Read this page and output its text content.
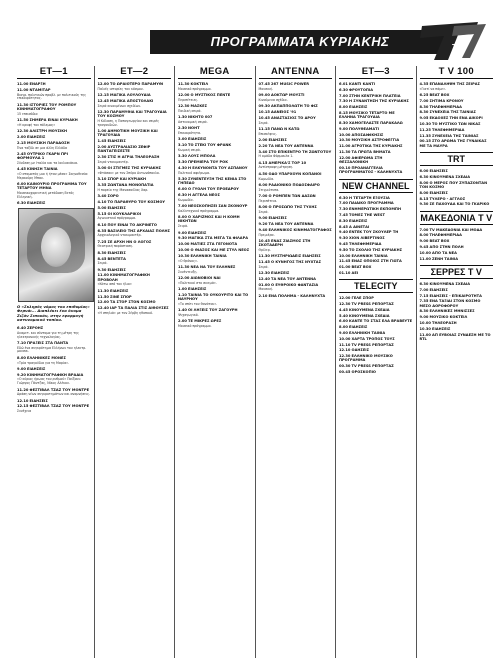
ΠΡΟΓΡΑΜΜΑΤΑ ΚΥΡΙΑΚΗΣ	TV
ET—1
11.00 ΕΝΑΡΞΗ
11.00 ΝΤΑΜΙΤΑΡ
Βιογρ. πολιτικών προβλ. με πολιτικούς της επικαιρότητας.
11.30 ΙΣΤΟΡΙΕΣ ΤΟΥ ΡΟΜΠΟΥ ΚΙΝΗΜΑΤΟΓΡΑΦΟΥ
15 επεισόδια
11.50 ΣΗΜΕΡΑ ΕΙΝΑΙ ΚΥΡΙΑΚΗ
«Η κρυφή του πόλεμος»
12.30 ΑΛΙΣΤΡΗ ΜΟΥΣΙΚΗ
2.00 ΕΙΔΗΣΕΙΣ
2.15 ΜΟΥΣΙΚΗ ΠΑΡΑΔΟΣΗ
Ένα ταξίδι σε μια άλλη Ελλάδα
2.45 ΟΥΤΡΙΚΟ ΓΚΑΡΝ ΠΡΙ ΦΟΡΜΟΥΛΑ 1
Σύνδεση με Ιταλία και τα Ιουλιανάκια.
4.45 ΚΙΝΗΣΗ ΤΑΙΝΙΑ
«Ο σταματάς μια ή ήταν μέσα» Σκηνοθεσία: Μερκούρη Μπαν.
6.00 ΚΑΙΝΟΥΡΙΟ ΠΡΟΓΡΑΜΜΑ ΤΟΥ ΤΕΤΑΡΤΟΥ ΜΗΝΑ
Μουσικοχορευτική μετάδοση Εκτός Ελληνική.
6.30 ΕΙΔΗΣΕΙΣ
Ο «Σκληρός νόμος του επιθυμίας» Φερνάι... Διαπλέκει ένα όνομα Ζιζάν Σιπουάν, στην εφαρμογή αστυνομικού τοπίου.
6.40 ΖΕΡΟΗΣ
Αναμετ. και σύντομα για τη μέτρη της ηλεκτρονικής τεχνολογίας.
7.10 ΠΡΑΞΕΙΣ ΣΤΑ ΠΑΝΤΑ
Εδώ ένα συγκρότημα Ελλήνων του ηλεκτρ. μουσικ.
8.00 ΕΛΛΗΝΙΚΕΣ ΜΟΝΕΣ
«Τρία τραγούδια για τη Μαρία».
9.00 ΕΙΔΗΣΕΙΣ
9.20 ΚΙΝΗΜΑΤΟΓΡΑΦΙΚΗ ΒΡΑΔΙΑ
«Ο κύριος ήρωας του ρυθμού» Παίζουν: Γιώργος Πάντζας, Νίκος Αλέκου.
11.20 ΦΕΣΤΙΒΑΛ ΤΖΑΖ ΤΟΥ ΜΟΝΤΡΕ
Δράση νέων συγκροτημάτων και αναμνήσεις.
12.10 ΕΙΔΗΣΕΙΣ
12.15 ΦΕΣΤΙΒΑΛ ΤΖΑΖ ΤΟΥ ΜΟΝΤΡΕ
Συνέχεια
ET—2
12.00 ΤΟ ΩΡΑΙΟΤΕΡΟ ΠΑΡΑΜΥΘΙ
Παλιές ιστορίες του κόσμου.
12.15 ΜΑΓΙΚΑ ΛΟΥΛΟΥΔΙΑ
12.45 ΜΑΓΙΚΑ ΑΠΟΣΤΟΛΑΚΙ
Σειρά κινουμένων σχεδίων.
12.30 ΠΑΡΑΜΥΘΙΑ ΚΑΙ ΤΡΑΓΟΥΔΙΑ ΤΟΥ ΚΟΣΜΟΥ
Η Κόλαση, η Παπαγεωργίου και σειρές τραγουδιών.
1.00 ΔΗΜΟΤΙΚΗ ΜΟΥΣΙΚΗ ΚΑΙ ΤΡΑΓΟΥΔΙΑ
1.45 ΕΙΔΗΣΕΙΣ
2.00 ΑΥΣΤΡΑΛΙΑΣΙΟ ΖΕΦΙΡ ΠΑΝΤΑΓΕΙΣΕΣΤΕ
2.30 ΣΤΙΣ Η ΑΓΡΙΑ ΤΗΛΕΟΡΑΣΗ
Σειρά ντοκιμαντέρ.
3.00 ΟΙ ΣΤΙΓΜΕΣ ΤΗΣ ΚΥΡΙΑΚΗΣ
«Φτάσαν» με τον Σπύρο Αντωνόπουλο.
3.10 ΣΠΟΡ ΚΑΙ ΚΥΡΙΑΚΗ
3.35 ΖΩΝΤΑΝΑ ΜΟΝΟΠΑΤΙΑ
Η πορεία της Μανασούλας Χαρ.
3.40 ΣΟΡΟ
4.10 ΤΟ ΠΑΡΑΘΥΡΟ ΤΟΥ ΚΟΣΜΟΥ
5.00 ΕΙΔΗΣΕΙΣ
5.15 ΟΙ ΚΟΥΚΛΑΡΙΚΟΙ
Αγωνιστικό πρόγραμμα.
6.10 ΠΟΥ ΕΙΝΑΙ ΤΟ ΑΚΡΙΝΕΤΟ
6.35 ΒΑΣΙΛΕΙΟ ΤΗΣ ΑΡΧΑΙΑΣ ΠΟΛΗΣ
Αρχαιολογικό ντοκιμαντέρ.
7.25 ΣΕ ΑΡΧΗ ΗΝ Ο ΛΟΓΟΣ
Θεατρική παράσταση.
8.30 ΕΙΔΗΣΕΙΣ
8.45 ΒΕΝΤΕΤΑ
Σειρά.
9.30 ΕΙΔΗΣΕΙΣ
11.00 ΚΙΝΗΜΑΤΟΓΡΑΦΙΚΗ ΠΡΟΒΟΛΗ
«Κάτω από τον ήλιο»
11.30 ΕΙΔΗΣΕΙΣ
11.50 ΣΙΝΕ ΣΠΟΡ
12.00 ΤΑ ΣΤΟΡ ΣΤΟΝ ΚΟΣΜΟ
12.40 ΙΑΡ ΤΑ ΠΑΛΙΑ ΣΤΙΣ ΑΙΘΟΥΣΕΣ
«Η σπηλιά» με τον Σέρβη ηθοποιό.
MEGA
11.30 ΚΟΚΤΕΙΛ
Μουσικό πρόγραμμα.
12.00 Ο ΜΥΣΤΙΚΟΣ ΠΕΝΤΕ
Περιπέτειες.
12.30 ΜΑΣΚΕΣ
Παιδική σειρά.
1.30 ΝΙΚΗΤΟ 007
Αστυνομική σειρά.
2.30 ΝΟΗΤ
Επικαιρότητα.
3.00 ΕΙΔΗΣΕΙΣ
3.10 ΤΟ ΣΤΕΚΙ ΤΟΥ ΦΡΑΝΚ
Κωμική σειρά.
3.30 ΛΟΥΣ ΜΠΟΛΑ
3.30 ΠΡΕΜΙΕΡΑ ΤΟΥ ΡΟΚ
4.30 Η ΕΛΚΥΝΟΝΤΑ ΤΟΥ ΑΣΠΑΝΟΥ
Πολιτικό αφιέρωμα.
5.30 ΣΥΝΕΝΤΕΥΞΗ ΤΗΣ ΚΕΝΙΑ ΣΤΟ ΓΗΠΕΔΟ
6.00 Ο ΓΥΟΛΗ ΤΟΥ ΠΡΟΕΔΡΟΥ
6.30 Η ΑΓΓΕΛΑ ΝΕΟΣ
Κωμωδία.
7.00 ΝΕΟΣΚΟΠΗΣΕΙ ΣΑΝ ΣΚΟΝΟΥΡ
Καλλιτεχνικό πρόγραμμα.
8.00 Ο ΧΑΡΙΖΜΟΣ ΚΑΙ Η ΚΟΜΗ ΝΙΚΗΤΩΝ
Σειρά.
9.00 ΕΙΔΗΣΕΙΣ
9.30 ΜΑΓΙΚΑ ΣΤΑ ΜΕΓΑ ΤΑ ΦΙΛΑΡΑ
10.00 ΜΑΤΙΕΣ ΣΤΑ ΓΕΓΟΝΟΤΑ
10.00 Ο ΘΙΑΣΟΣ ΚΑΙ ΜΕ ΣΤΥΛ ΝΕΟΣ
10.30 ΕΛΛΗΝΙΚΗ ΤΑΙΝΙΑ
«Ο θρόνος».
11.30 ΝΕΑ ΝΑ ΤΟΥ ΕΛΛΗΝΕΣ
Συνέντευξη.
12.00 ΑΙΩΝΟΒΙΟΙ ΝΑΙ
«Πολιτικοί στο σινεμά».
1.00 ΕΙΔΗΣΕΙΣ
1.10 ΤΑΙΝΙΑ ΤΟ ΟΥΚΟΥΡΙΤΟ ΚΑΙ ΤΟ ΝΑΥΡΗΟΥ
«Το σπίτι του θανάτου».
1.40 ΟΙ ΛΗΞΕΙΣ ΤΟΥ ΖΑΓΟΥΡΗ
Ψυχαγωγικό.
2.00 ΤΕ ΜΙΚΡΕΣ ΩΡΕΣ
Μουσικό πρόγραμμα.
ANTENNA
07.45 267 MUSIC POWER
Μουσική.
09.00 ΔΟΚΤΩΡ ΜΟΥΣΤΙ
Κινούμενα σχέδια.
09.30 ΑΚΠΑΠΠΟΛΩΤΗ ΤΟ ΦΙΖ
10.15 ΔΑΝΕΙΟΣ '91
10.45 ΑΝΑΣΤΑΣΙΟΣ ΤΟ ΔΡΟΥ
Σειρά.
11.15 ΠΑΝΩ Ν ΚΑΤΩ
Επισκέψεις.
2.00 ΕΙΔΗΣΕΙΣ
2.20 ΤΑ ΝΕΑ ΤΟΥ ΑΝΤΕΝΝΑ
3.40 ΣΤΟ ΕΠΙΚΕΝΤΡΟ ΤΗ ΖΩΝΤΟΤΟΥ
Η ομάδα Φόρμουλα 1.
4.15 ΑΜΕΡΙΚΑ'Σ ΤΟΡ 10
Αντίστροφη μέτρηση.
4.50 ΟΔΟ ΥΠΑΡΧΟΥΝ ΚΟΠΑΝΟΙ
Κωμωδία.
6.00 ΡΑΔΙΟΝΙΚΟ ΠΟΔΟΣΦΑΙΡΟ
Στιγμιότυπα.
7.00 Ο ΡΟΜΠΕΝ ΤΩΝ ΔΑΣΩΝ
Περιπέτεια.
8.00 Ο ΠΡΟΣΩΠΟ ΤΗΣ ΤΥΧΗΣ
Σειρά.
9.00 ΕΙΔΗΣΕΙΣ
9.20 ΤΑ ΝΕΑ ΤΟΥ ΑΝΤΕΝΝΑ
9.40 ΕΛΛΗΝΙΚΟΣ ΚΙΝΗΜΑΤΟΓΡΑΦΟΣ
Πρεμιέρα.
10.45 ΕΝΑΣ ΖΙΑΣΜΟΣ ΣΤΗ ΣΚΟΤΑΔΕΡΗ
Θρίλερ.
11.30 ΜΥΣΤΗΡΙΩΔΕΙΣ ΕΙΔΗΣΕΙΣ
11.45 Ο ΚΥΝΗΓΟΣ ΤΗΣ ΝΥΧΤΑΣ
Σειρά.
12.30 ΕΙΔΗΣΕΙΣ
12.40 ΤΑ ΝΕΑ ΤΟΥ ΑΝΤΕΝΝΑ
01.00 Ο ΕΥΘΡΟΙΚΟ ΦΑΝΤΑΣΙΑ
Μουσική.
2.10 ΕΝΑ ΠΟΛΗΜΑ - ΚΑΛΗΝΥΧΤΑ
ET—3
6.01 ΚΑΝΤΙ ΚΑΝΤΙ
6.30 ΦΡΟΥΤΟΠΙΑ
7.00 ΣΤΗΝ ΚΕΝΤΡΙΚΗ ΠΛΑΤΕΙΑ
7.30 Η ΣΥΝΑΝΤΗΣΗ ΤΗΣ ΚΥΡΙΑΚΗΣ
8.00 ΕΙΔΗΣΕΙΣ
8.15 ΜΟΥΣΙΚΟ ΤΕΤΑΡΤΟ ΜΕ ΕΛΛΗΝΑ ΤΡΑΓΟΥΔΙΑ
8.30 ΧΑΜΟΓΕΛΑΣΤΕ ΠΑΡΑΚΑΛΩ
9.00 ΠΟΛΥΘΕΑΜΑΤΙ
10.00 ΑΠΟΣΔΙΦΙΚΗΣΙΣ
10.30 ΜΟΥΣΙΚΗ ΑΣΤΡΟΦΕΓΓΙΑ
11.00 ΑΓΡΟΤΙΚΑ ΤΗΣ ΚΥΡΙΑΚΗΣ
11.30 ΤΑ ΠΡΩΤΑ ΒΗΜΑΤΑ
12.00 ΑΦΙΕΡΩΜΑ ΣΤΗ ΘΕΣΣΑΛΟΝΙΚΗ
00.10 ΠΡΟΑΝΑΓΓΕΛΙΑ ΠΡΟΓΡΑΜΜΑΤΟΣ - ΚΑΛΗΝΥΧΤΑ
NEW CHANNEL
6.30 Η ΤΕΤΑΡΤΗ ΕΞΟΥΣΙΑ
7.00 ΠΑΙΔΙΚΟ ΠΡΟΓΡΑΜΜΑ
7.30 ΕΝΗΜΕΡΩΤΙΚΗ ΕΚΠΟΜΠΗ
7.45 ΤΟΜΕΣ THE WEST
8.30 ΕΙΔΗΣΕΙΣ
8.45 Α ΔΙΝΕΤΑΙ
9.40 ΕΝΤΕΚ ΤΟΥ ΣΚΟΥΛΕΡ ΤΗ
9.30 ΧΙΟΝ ΛΙΒΕΡΤΙΝΟΣ
9.45 ΤΗΛΕΦΗΜΕΡΙΔΑ
9.50 ΤΟ ΣΧΟΛΙΟ ΤΗΣ ΚΥΡΙΑΚΗΣ
10.00 ΕΛΛΗΝΙΚΗ ΤΑΙΝΙΑ
11.45 ΕΝΑΣ ΟΠΟΙΟΣ ΣΤΗ ΓΙΩΤΑ
01.00 BEAT BOX
01.10 ΑΕΙ
TELECITY
12.00 ΓΕΛΕ ΣΠΟΡ
12.30 TV PRESS ΡΕΠΟΡΤΑΖ
4.45 ΚΙΝΟΥΜΕΝΑ ΣΧΕΔΙΑ
5.40 ΚΙΝΟΥΜΕΝΑ ΣΧΕΔΙΑ
6.00 ΚΑΝΤΕ ΤΟ ΣΤΑΣ ΕΛΑ ΒΡΑΒΕΥΤΕ
8.00 ΕΙΔΗΣΕΙΣ
9.00 ΕΛΛΗΝΙΚΗ ΤΑΙΝΙΑ
10.00 ΧΑΡΤΑ ΤΡΟΠΟΣ ΤΟΥΣ
11.10 TV PRESS ΡΕΠΟΡΤΑΖ
12.10 ΟΔΗΣΕΙΣ
12.30 ΕΛΛΗΝΙΚΟ ΜΟΥΣΙΚΟ ΠΡΟΓΡΑΜΜΑ
00.30 TV PRESS ΡΕΠΟΡΤΑΖ
00.45 ΟΡΟΣΚΟΠΙΟ
T V 100
4.35 ΕΠΑΝΑΛΗΨΗ ΤΗΣ ΣΕΙΡΑΣ
«Γιατί να πάμε».
6.25 BEAT BOX
7.00 ΣΗΤΙΜΑ ΚΡΟΝΟΥ
8.30 ΤΗΛΕΦΗΜΕΡΙΔΑ
8.30 ΣΥΝΕΧΕΙΑ ΤΗΣ ΤΑΙΝΙΑΣ
9.05 ΕΚΔΟΧΕΣ ΤΗΝ ΕΝΑ ΔΙΚΟΡΙ
10.30 ΤΟ ΜΥΣΤΙΚΟ ΤΩΝ ΝΙΚΑΣ
11.25 ΤΗΛΕΦΗΜΕΡΙΔΑ
11.35 ΣΥΝΕΧΕΙΑ ΤΗΣ ΤΑΙΝΙΑΣ
00.15 ΣΤΟ ΑΡΩΜΑ ΤΗΣ ΓΥΝΑΙΚΑΣ ΜΕ ΤΑ ΜΑΥΡΑ
TRT
6.00 ΕΙΔΗΣΕΙΣ
6.30 ΚΙΝΟΥΜΕΝΑ ΣΧΕΔΙΑ
8.00 Ο ΜΕΡΟΣ ΠΟΥ ΖΥΠΑΖΟΝΤΑΝ ΤΟΝ ΚΟΣΜΟ
8.00 ΕΙΔΗΣΕΙΣ
8.15 ΤΥΛΕΡΟ - ΑΓΓΛΟΣ
9.30 ΣΕ ΠΑΧΟΥΔΑ ΚΑΙ ΤΟ ΓΚΑΡΙΚΟ
ΜΑΚΕΔΟΝΙΑ T V
7.00 TV ΜΑΚΕΔΟΝΙΑ ΚΑΙ ΜΟΔΑ
8.00 ΤΗΛΕΦΗΜΕΡΙΔΑ
9.00 BEAT BOX
9.45 ΑΠΟ ΣΤΗΝ ΠΟΛΗ
10.00 ΑΠΟ ΤΑ ΝΕΑ
11.00 ΖΕΝΗ ΤΑΙΝΙΑ
ΣΕΡΡΕΣ T V
6.30 ΚΙΝΟΥΜΕΝΑ ΣΧΕΔΙΑ
7.00 ΕΙΔΗΣΕΙΣ
7.15 ΕΙΔΗΣΕΙΣ - ΕΠΙΚΑΙΡΟΤΗΤΑ
7.35 ΕΝΑ ΤΑΞΙΔΙ ΣΤΟΝ ΚΟΣΜΟ ΜΕΣΟ ΔΟΡΟΦΟΡΟΥ
8.30 ΕΛΛΗΝΙΚΕΣ ΜΗΝΙΣΣΕΣ
9.00 ΜΟΥΣΙΚΟ ΚΟΚΤΕΙΛ
10.00 ΤΗΛΕΟΡΑΣΗ
10.30 ΕΙΔΗΣΕΙΣ
11.00 ΑΠ ΕΥΒΟΙΑΣ ΣΥΝΔΕΣΗ ΜΕ TO RTL
